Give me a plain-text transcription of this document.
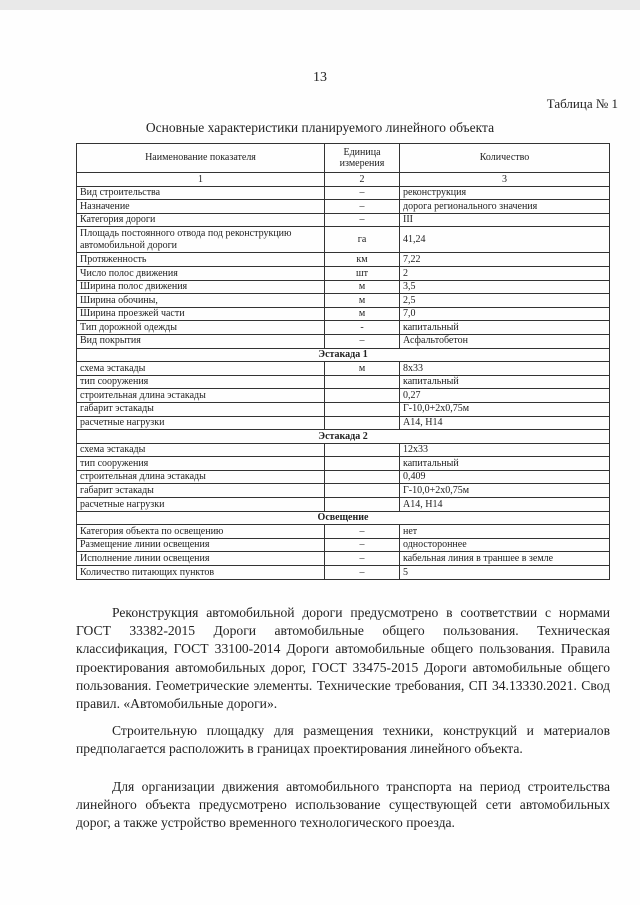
13
Таблица № 1
Основные характеристики планируемого линейного объекта
Наименование показателя	Единица измерения	Количество
1	2	3
Вид строительства	–	реконструкция
Назначение	–	дорога регионального значения
Категория дороги	–	III
Площадь постоянного отвода под реконструкцию автомобильной дороги	га	41,24
Протяженность	км	7,22
Число полос движения	шт	2
Ширина полос движения	м	3,5
Ширина обочины,	м	2,5
Ширина проезжей части	м	7,0
Тип дорожной одежды	-	капитальный
Вид покрытия	–	Асфальтобетон
Эстакада 1		
схема эстакады	м	8х33
тип сооружения		капитальный
строительная длина эстакады		0,27
габарит эстакады		Г-10,0+2х0,75м
расчетные нагрузки		А14, Н14
Эстакада 2		
схема эстакады		12х33
тип сооружения		капитальный
строительная длина эстакады		0,409
габарит эстакады		Г-10,0+2х0,75м
расчетные нагрузки		А14, Н14
Освещение		
Категория объекта по освещению	–	нет
Размещение линии освещения	–	одностороннее
Исполнение линии освещения	–	кабельная линия в траншее в земле
Количество питающих пунктов	–	5

Реконструкция автомобильной дороги предусмотрено в соответствии с нормами ГОСТ 33382-2015 Дороги автомобильные общего пользования. Техническая классификация, ГОСТ 33100-2014 Дороги автомобильные общего пользования. Правила проектирования автомобильных дорог, ГОСТ 33475-2015 Дороги автомобильные общего пользования. Геометрические элементы. Технические требования, СП 34.13330.2021. Свод правил. «Автомобильные дороги».

Строительную площадку для размещения техники, конструкций и материалов предполагается расположить в границах проектирования линейного объекта.

Для организации движения автомобильного транспорта на период строительства линейного объекта предусмотрено использование существующей сети автомобильных дорог, а также устройство временного технологического проезда.
